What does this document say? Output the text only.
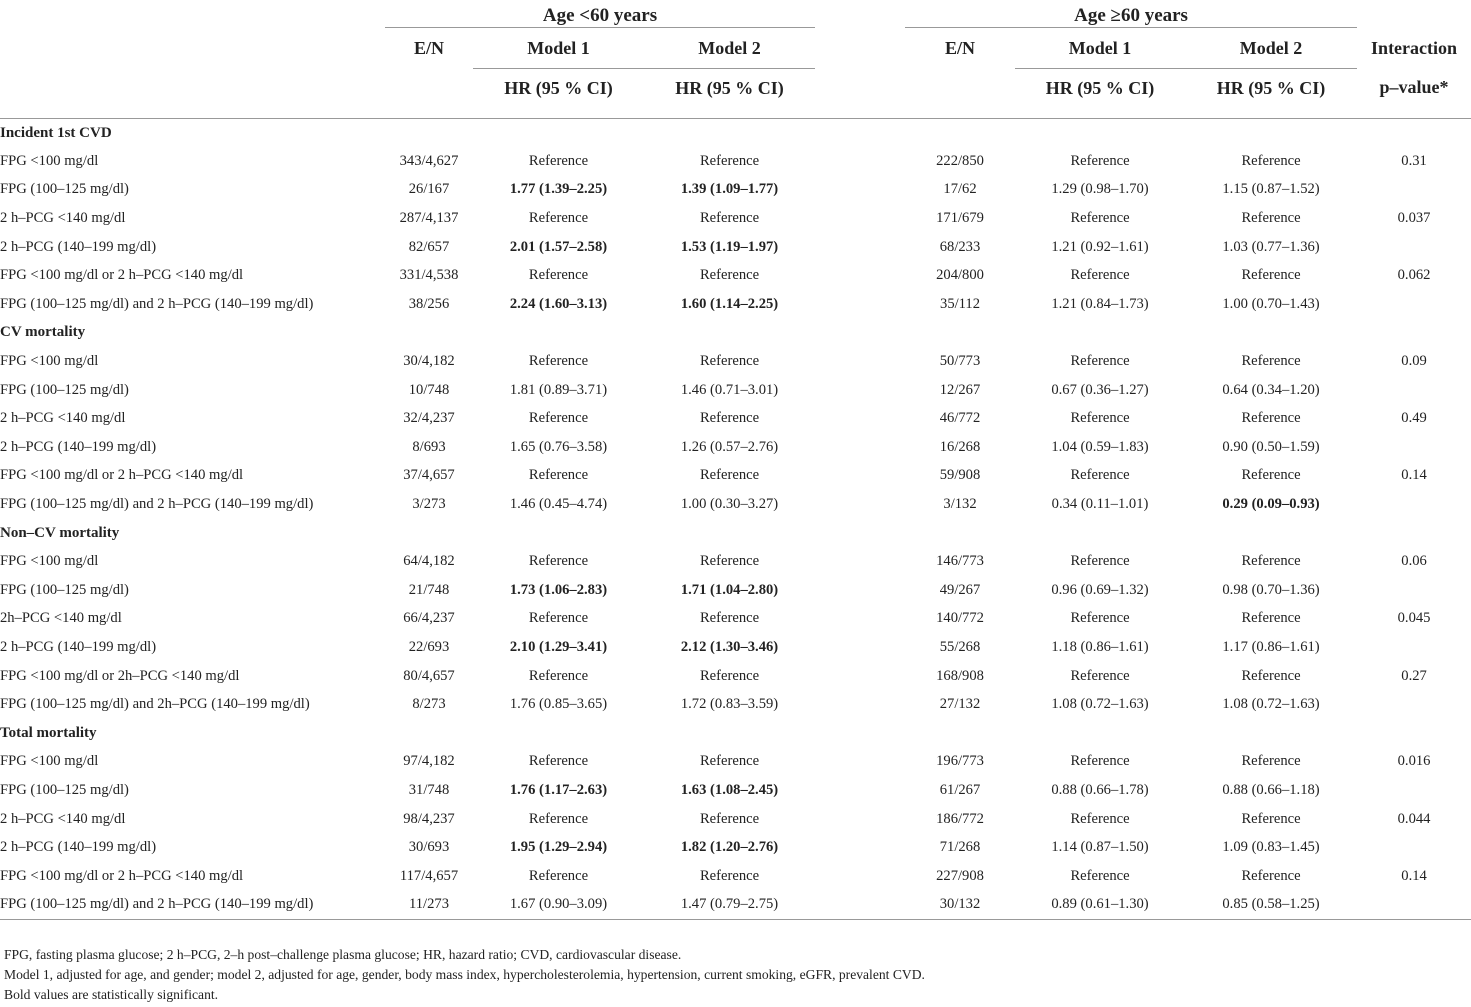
	Age <60 years				Age ≥60 years			
	E/N	Model 1	Model 2		E/N	Model 1	Model 2	Interaction
		HR (95 % CI)	HR (95 % CI)			HR (95 % CI)	HR (95 % CI)	p–value*

Incident 1st CVD								
FPG <100 mg/dl	343/4,627	Reference	Reference		222/850	Reference	Reference	0.31
FPG (100–125 mg/dl)	26/167	1.77 (1.39–2.25)	1.39 (1.09–1.77)		17/62	1.29 (0.98–1.70)	1.15 (0.87–1.52)	
2 h–PCG <140 mg/dl	287/4,137	Reference	Reference		171/679	Reference	Reference	0.037
2 h–PCG (140–199 mg/dl)	82/657	2.01 (1.57–2.58)	1.53 (1.19–1.97)		68/233	1.21 (0.92–1.61)	1.03 (0.77–1.36)	
FPG <100 mg/dl or 2 h–PCG <140 mg/dl	331/4,538	Reference	Reference		204/800	Reference	Reference	0.062
FPG (100–125 mg/dl) and 2 h–PCG (140–199 mg/dl)	38/256	2.24 (1.60–3.13)	1.60 (1.14–2.25)		35/112	1.21 (0.84–1.73)	1.00 (0.70–1.43)	
CV mortality								
FPG <100 mg/dl	30/4,182	Reference	Reference		50/773	Reference	Reference	0.09
FPG (100–125 mg/dl)	10/748	1.81 (0.89–3.71)	1.46 (0.71–3.01)		12/267	0.67 (0.36–1.27)	0.64 (0.34–1.20)	
2 h–PCG <140 mg/dl	32/4,237	Reference	Reference		46/772	Reference	Reference	0.49
2 h–PCG (140–199 mg/dl)	8/693	1.65 (0.76–3.58)	1.26 (0.57–2.76)		16/268	1.04 (0.59–1.83)	0.90 (0.50–1.59)	
FPG <100 mg/dl or 2 h–PCG <140 mg/dl	37/4,657	Reference	Reference		59/908	Reference	Reference	0.14
FPG (100–125 mg/dl) and 2 h–PCG (140–199 mg/dl)	3/273	1.46 (0.45–4.74)	1.00 (0.30–3.27)		3/132	0.34 (0.11–1.01)	0.29 (0.09–0.93)	
Non–CV mortality								
FPG <100 mg/dl	64/4,182	Reference	Reference		146/773	Reference	Reference	0.06
FPG (100–125 mg/dl)	21/748	1.73 (1.06–2.83)	1.71 (1.04–2.80)		49/267	0.96 (0.69–1.32)	0.98 (0.70–1.36)	
2h–PCG <140 mg/dl	66/4,237	Reference	Reference		140/772	Reference	Reference	0.045
2 h–PCG (140–199 mg/dl)	22/693	2.10 (1.29–3.41)	2.12 (1.30–3.46)		55/268	1.18 (0.86–1.61)	1.17 (0.86–1.61)	
FPG <100 mg/dl or 2h–PCG <140 mg/dl	80/4,657	Reference	Reference		168/908	Reference	Reference	0.27
FPG (100–125 mg/dl) and 2h–PCG (140–199 mg/dl)	8/273	1.76 (0.85–3.65)	1.72 (0.83–3.59)		27/132	1.08 (0.72–1.63)	1.08 (0.72–1.63)	
Total mortality								
FPG <100 mg/dl	97/4,182	Reference	Reference		196/773	Reference	Reference	0.016
FPG (100–125 mg/dl)	31/748	1.76 (1.17–2.63)	1.63 (1.08–2.45)		61/267	0.88 (0.66–1.78)	0.88 (0.66–1.18)	
2 h–PCG <140 mg/dl	98/4,237	Reference	Reference		186/772	Reference	Reference	0.044
2 h–PCG (140–199 mg/dl)	30/693	1.95 (1.29–2.94)	1.82 (1.20–2.76)		71/268	1.14 (0.87–1.50)	1.09 (0.83–1.45)	
FPG <100 mg/dl or 2 h–PCG <140 mg/dl	117/4,657	Reference	Reference		227/908	Reference	Reference	0.14
FPG (100–125 mg/dl) and 2 h–PCG (140–199 mg/dl)	11/273	1.67 (0.90–3.09)	1.47 (0.79–2.75)		30/132	0.89 (0.61–1.30)	0.85 (0.58–1.25)	
FPG, fasting plasma glucose; 2 h–PCG, 2–h post–challenge plasma glucose; HR, hazard ratio; CVD, cardiovascular disease.
Model 1, adjusted for age, and gender; model 2, adjusted for age, gender, body mass index, hypercholesterolemia, hypertension, current smoking, eGFR, prevalent CVD.
Bold values are statistically significant.
